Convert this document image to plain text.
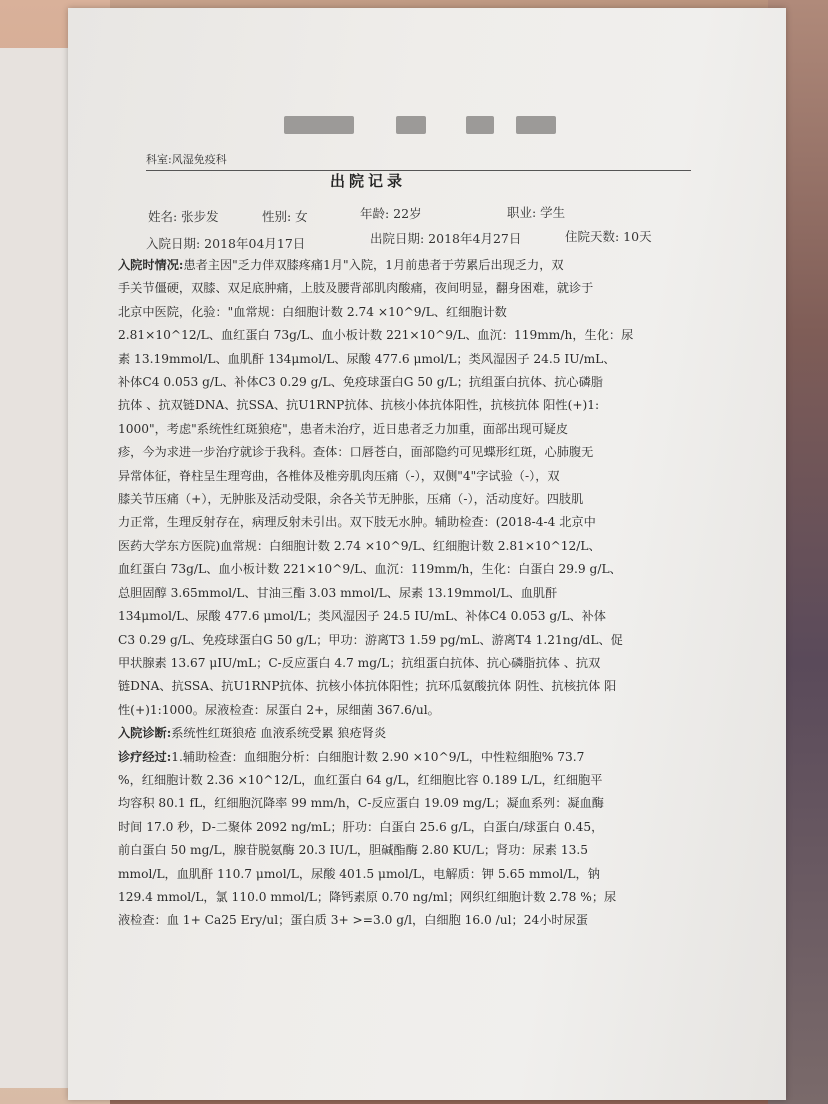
科室:风湿免疫科
出院记录
姓名: 张步发	性别: 女	年龄: 22岁	职业: 学生
入院日期: 2018年04月17日	出院日期: 2018年4月27日	住院天数: 10天
入院时情况:患者主因"乏力伴双膝疼痛1月"入院，1月前患者于劳累后出现乏力，双
手关节僵硬，双膝、双足底肿痛，上肢及腰背部肌肉酸痛，夜间明显，翻身困难，就诊于
北京中医院，化验："血常规：白细胞计数 2.74 ×10^9/L、红细胞计数
2.81×10^12/L、血红蛋白 73g/L、血小板计数 221×10^9/L、血沉：119mm/h，生化：尿
素 13.19mmol/L、血肌酐 134μmol/L、尿酸 477.6 μmol/L；类风湿因子 24.5 IU/mL、
补体C4 0.053 g/L、补体C3 0.29 g/L、免疫球蛋白G 50 g/L；抗组蛋白抗体、抗心磷脂
抗体 、抗双链DNA、抗SSA、抗U1RNP抗体、抗核小体抗体阳性，抗核抗体 阳性(+)1:
1000"，考虑"系统性红斑狼疮"，患者未治疗，近日患者乏力加重，面部出现可疑皮
疹，今为求进一步治疗就诊于我科。查体：口唇苍白，面部隐约可见蝶形红斑，心肺腹无
异常体征，脊柱呈生理弯曲，各椎体及椎旁肌肉压痛（-），双侧"4"字试验（-），双
膝关节压痛（+），无肿胀及活动受限，余各关节无肿胀，压痛（-），活动度好。四肢肌
力正常，生理反射存在，病理反射未引出。双下肢无水肿。辅助检查：(2018-4-4 北京中
医药大学东方医院)血常规：白细胞计数 2.74 ×10^9/L、红细胞计数 2.81×10^12/L、
血红蛋白 73g/L、血小板计数 221×10^9/L、血沉：119mm/h，生化：白蛋白 29.9 g/L、
总胆固醇 3.65mmol/L、甘油三酯 3.03 mmol/L、尿素 13.19mmol/L、血肌酐
134μmol/L、尿酸 477.6 μmol/L；类风湿因子 24.5 IU/mL、补体C4 0.053 g/L、补体
C3 0.29 g/L、免疫球蛋白G 50 g/L；甲功：游离T3 1.59 pg/mL、游离T4 1.21ng/dL、促
甲状腺素 13.67 μIU/mL；C-反应蛋白 4.7 mg/L；抗组蛋白抗体、抗心磷脂抗体 、抗双
链DNA、抗SSA、抗U1RNP抗体、抗核小体抗体阳性；抗环瓜氨酸抗体 阴性、抗核抗体 阳
性(+)1:1000。尿液检查：尿蛋白 2+，尿细菌 367.6/ul。
入院诊断:系统性红斑狼疮 血液系统受累 狼疮肾炎
诊疗经过:1.辅助检查：血细胞分析：白细胞计数 2.90 ×10^9/L，中性粒细胞% 73.7
%，红细胞计数 2.36 ×10^12/L，血红蛋白 64 g/L，红细胞比容 0.189 L/L，红细胞平
均容积 80.1 fL，红细胞沉降率 99 mm/h，C-反应蛋白 19.09 mg/L；凝血系列：凝血酶
时间 17.0 秒，D-二聚体 2092 ng/mL；肝功：白蛋白 25.6 g/L，白蛋白/球蛋白 0.45，
前白蛋白 50 mg/L，腺苷脱氨酶 20.3 IU/L，胆碱酯酶 2.80 KU/L；肾功：尿素 13.5
mmol/L，血肌酐 110.7 μmol/L，尿酸 401.5 μmol/L，电解质：钾 5.65 mmol/L，钠
129.4 mmol/L，氯 110.0 mmol/L；降钙素原 0.70 ng/ml；网织红细胞计数 2.78 %；尿
液检查：血 1+ Ca25 Ery/ul；蛋白质 3+ >=3.0 g/l，白细胞 16.0 /ul；24小时尿蛋
